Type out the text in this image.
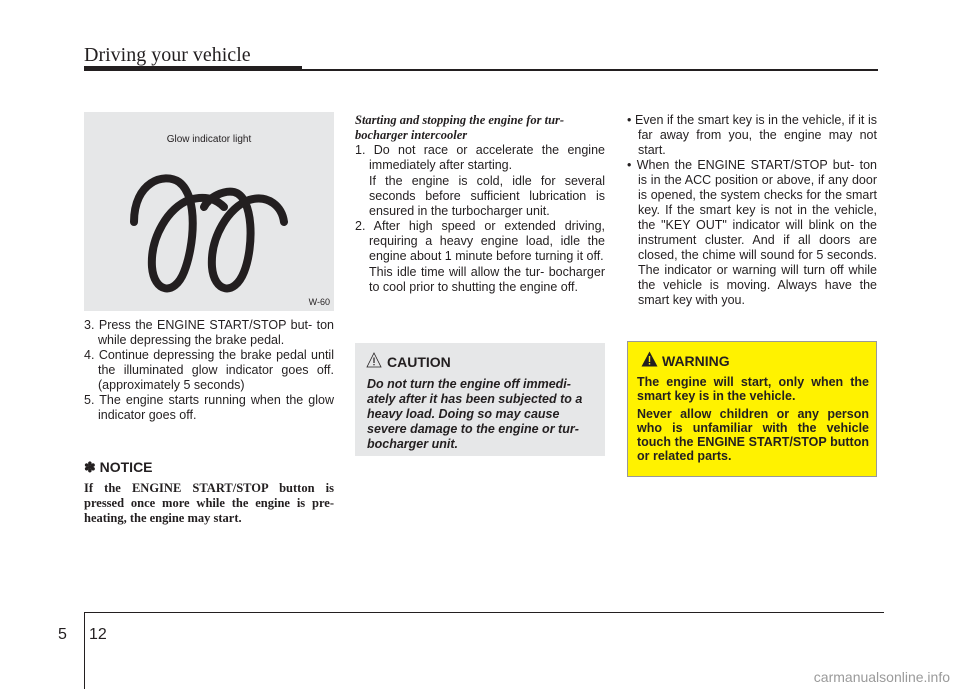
Driving your vehicle
Glow indicator light
W-60

3. Press the ENGINE START/STOP but- ton while depressing the brake pedal.

4. Continue depressing the brake pedal until the illuminated glow indicator goes off. (approximately 5 seconds)

5. The engine starts running when the glow indicator goes off.

✽ NOTICE
If the ENGINE START/STOP button is pressed once more while the engine is pre-heating, the engine may start.

Starting and stopping the engine for tur- bocharger intercooler

1. Do not race or accelerate the engine immediately after starting.

If the engine is cold, idle for several seconds before sufficient lubrication is ensured in the turbocharger unit.

2. After high speed or extended driving, requiring a heavy engine load, idle the engine about 1 minute before turning it off.

This idle time will allow the tur- bocharger to cool prior to shutting the engine off.

CAUTION
Do not turn the engine off immedi- ately after it has been subjected to a heavy load. Doing so may cause severe damage to the engine or tur- bocharger unit.

• Even if the smart key is in the vehicle, if it is far away from you, the engine may not start.

• When the ENGINE START/STOP but- ton is in the ACC position or above, if any door is opened, the system checks for the smart key. If the smart key is not in the vehicle, the "KEY OUT" indicator will blink on the instrument cluster. And if all doors are closed, the chime will sound for 5 seconds. The indicator or warning will turn off while the vehicle is moving. Always have the smart key with you.

WARNING

The engine will start, only when the smart key is in the vehicle.

Never allow children or any person who is unfamiliar with the vehicle touch the ENGINE START/STOP button or related parts.

5 12
carmanualsonline.info
